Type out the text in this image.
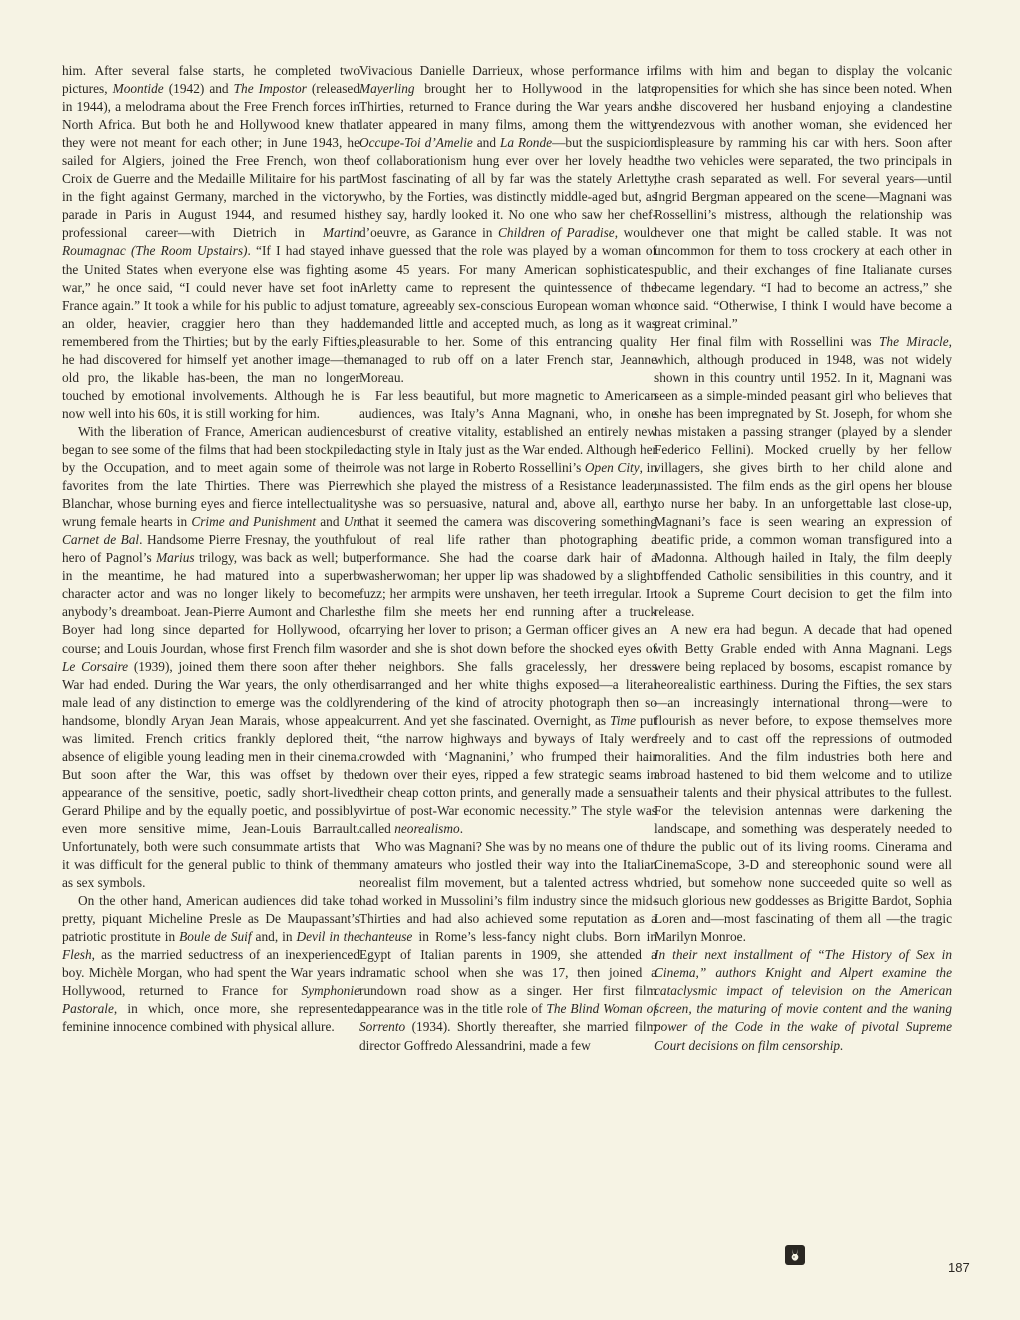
him. After several false starts, he completed two pictures, Moontide (1942) and The Impostor (released in 1944), a melodrama about the Free French forces in North Africa. But both he and Hollywood knew that they were not meant for each other; in June 1943, he sailed for Algiers, joined the Free French, won the Croix de Guerre and the Medaille Militaire for his part in the fight against Germany, marched in the victory parade in Paris in August 1944, and resumed his professional career—with Dietrich in Martin Roumagnac (The Room Upstairs). “If I had stayed in the United States when everyone else was fighting a war,” he once said, “I could never have set foot in France again.” It took a while for his public to adjust to an older, heavier, craggier hero than they had remembered from the Thirties; but by the early Fifties, he had discovered for himself yet another image—the old pro, the likable has-been, the man no longer touched by emotional involvements. Although he is now well into his 60s, it is still working for him.

With the liberation of France, American audiences began to see some of the films that had been stockpiled by the Occupation, and to meet again some of their favorites from the late Thirties. There was Pierre Blanchar, whose burning eyes and fierce intellectuality wrung female hearts in Crime and Punishment and Un Carnet de Bal. Handsome Pierre Fresnay, the youthful hero of Pagnol’s Marius trilogy, was back as well; but in the meantime, he had matured into a superb character actor and was no longer likely to become anybody’s dreamboat. Jean-Pierre Aumont and Charles Boyer had long since departed for Hollywood, of course; and Louis Jourdan, whose first French film was Le Corsaire (1939), joined them there soon after the War had ended. During the War years, the only other male lead of any distinction to emerge was the coldly handsome, blondly Aryan Jean Marais, whose appeal was limited. French critics frankly deplored the absence of eligible young leading men in their cinema. But soon after the War, this was offset by the appearance of the sensitive, poetic, sadly short-lived Gerard Philipe and by the equally poetic, and possibly even more sensitive mime, Jean-Louis Barrault. Unfortunately, both were such consummate artists that it was difficult for the general public to think of them as sex symbols.

On the other hand, American audiences did take to pretty, piquant Micheline Presle as De Maupassant’s patriotic prostitute in Boule de Suif and, in Devil in the Flesh, as the married seductress of an inexperienced boy. Michèle Morgan, who had spent the War years in Hollywood, returned to France for Symphonie Pastorale, in which, once more, she represented feminine innocence combined with physical allure.

Vivacious Danielle Darrieux, whose performance in Mayerling brought her to Hollywood in the late Thirties, returned to France during the War years and later appeared in many films, among them the witty Occupe-Toi d’Amelie and La Ronde—but the suspicion of collaborationism hung ever over her lovely head. Most fascinating of all by far was the stately Arletty, who, by the Forties, was distinctly middle-aged but, as they say, hardly looked it. No one who saw her chef-d’oeuvre, as Garance in Children of Paradise, would have guessed that the role was played by a woman of some 45 years. For many American sophisticates, Arletty came to represent the quintessence of the mature, agreeably sex-conscious European woman who demanded little and accepted much, as long as it was pleasurable to her. Some of this entrancing quality managed to rub off on a later French star, Jeanne Moreau.

Far less beautiful, but more magnetic to American audiences, was Italy’s Anna Magnani, who, in one burst of creative vitality, established an entirely new acting style in Italy just as the War ended. Although her role was not large in Roberto Rossellini’s Open City, in which she played the mistress of a Resistance leader, she was so persuasive, natural and, above all, earthy that it seemed the camera was discovering something out of real life rather than photographing a performance. She had the coarse dark hair of a washerwoman; her upper lip was shadowed by a slight fuzz; her armpits were unshaven, her teeth irregular. In the film she meets her end running after a truck carrying her lover to prison; a German officer gives an order and she is shot down before the shocked eyes of her neighbors. She falls gracelessly, her dress disarranged and her white thighs exposed—a literal rendering of the kind of atrocity photograph then so current. And yet she fascinated. Overnight, as Time put it, “the narrow highways and byways of Italy were crowded with ‘Magnanini,’ who frumped their hair down over their eyes, ripped a few strategic seams in their cheap cotton prints, and generally made a sensual virtue of post-War economic necessity.” The style was called neorealismo.

Who was Magnani? She was by no means one of the many amateurs who jostled their way into the Italian neorealist film movement, but a talented actress who had worked in Mussolini’s film industry since the mid-Thirties and had also achieved some reputation as a chanteuse in Rome’s less-fancy night clubs. Born in Egypt of Italian parents in 1909, she attended a dramatic school when she was 17, then joined a rundown road show as a singer. Her first film appearance was in the title role of The Blind Woman of Sorrento (1934). Shortly thereafter, she married film director Goffredo Alessandrini, made a few

films with him and began to display the volcanic propensities for which she has since been noted. When she discovered her husband enjoying a clandestine rendezvous with another woman, she evidenced her displeasure by ramming his car with hers. Soon after the two vehicles were separated, the two principals in the crash separated as well. For several years—until Ingrid Bergman appeared on the scene—Magnani was Rossellini’s mistress, although the relationship was never one that might be called stable. It was not uncommon for them to toss crockery at each other in public, and their exchanges of fine Italianate curses became legendary. “I had to become an actress,” she once said. “Otherwise, I think I would have become a great criminal.”

Her final film with Rossellini was The Miracle, which, although produced in 1948, was not widely shown in this country until 1952. In it, Magnani was seen as a simple-minded peasant girl who believes that she has been impregnated by St. Joseph, for whom she has mistaken a passing stranger (played by a slender Federico Fellini). Mocked cruelly by her fellow villagers, she gives birth to her child alone and unassisted. The film ends as the girl opens her blouse to nurse her baby. In an unforgettable last close-up, Magnani’s face is seen wearing an expression of beatific pride, a common woman transfigured into a Madonna. Although hailed in Italy, the film deeply offended Catholic sensibilities in this country, and it took a Supreme Court decision to get the film into release.

A new era had begun. A decade that had opened with Betty Grable ended with Anna Magnani. Legs were being replaced by bosoms, escapist romance by neorealistic earthiness. During the Fifties, the sex stars—an increasingly international throng—were to flourish as never before, to expose themselves more freely and to cast off the repressions of outmoded moralities. And the film industries both here and abroad hastened to bid them welcome and to utilize their talents and their physical attributes to the fullest. For the television antennas were darkening the landscape, and something was desperately needed to lure the public out of its living rooms. Cinerama and CinemaScope, 3-D and stereophonic sound were all tried, but somehow none succeeded quite so well as such glorious new goddesses as Brigitte Bardot, Sophia Loren and—most fascinating of them all —the tragic Marilyn Monroe.

In their next installment of “The History of Sex in Cinema,” authors Knight and Alpert examine the cataclysmic impact of television on the American screen, the maturing of movie content and the waning power of the Code in the wake of pivotal Supreme Court decisions on film censorship.

187
